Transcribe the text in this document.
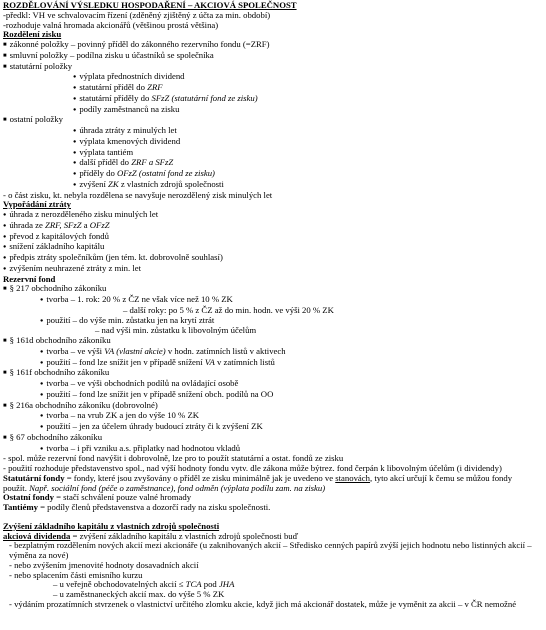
ROZDĚLOVÁNÍ VÝSLEDKU HOSPODAŘENÍ – AKCIOVÁ SPOLEČNOST
-předkl: VH ve schvalovacím řízení (zděněný zjištěný z účta za min. období)
-rozhoduje valná hromada akcionářů (většinou prostá většina)
Rozdělení zisku
■ zákonné položky – povinný příděl do zákonného rezervního fondu (=ZRF)
■ smluvní položky – podílna zisku u účastníků se společníka
■ statutární položky
● výplata přednostních dividend
● statutární příděl do ZRF
● statutární příděly do SFzZ (statutární fond ze zisku)
● podíly zaměstnanců na zisku
■ ostatní položky
● úhrada ztráty z minulých let
● výplata kmenových dividend
● výplata tantiém
● další příděl do ZRF a SFzZ
● příděly do OFzZ (ostatní fond ze zisku)
● zvýšení ZK z vlastních zdrojů společnosti
- o část zisku, kt. nebyla rozdělena se navyšuje nerozdělený zisk minulých let
Vypořádání ztráty
● úhrada z nerozděleného zisku minulých let
● úhrada ze ZRF, SFzZ a OFzZ
● převod z kapitálových fondů
● snížení základního kapitálu
● předpis ztráty společníkům (jen tém. kt. dobrovolně souhlasí)
● zvýšením neuhrazené ztráty z min. let
Rezervní fond
■ § 217 obchodního zákoníku
● tvorba – 1. rok: 20 % z ČZ ne však více než 10 % ZK
– další roky: po 5 % z ČZ až do min. hodn. ve výši 20 % ZK
● použití – do výše min. zůstatku jen na krytí ztrát
– nad výši min. zůstatku k libovolným účelům
■ § 161d obchodního zákoníku
● tvorba – ve výši VA (vlastní akcie) v hodn. zatímních listů v aktivech
● použití – fond lze snížit jen v případě snížení VA v zatímních listů
■ § 161f obchodního zákoníku
● tvorba – ve výši obchodních podílů na ovládající osobě
● použití – fond lze snížit jen v případě snížení obch. podílů na OO
■ § 216a obchodního zákoníku (dobrovolné)
● tvorba – na vrub ZK a jen do výše 10 % ZK
● použití – jen za účelem úhrady budoucí ztráty či k zvýšení ZK
■ § 67 obchodního zákoníku
● tvorba – i při vzniku a.s. připlatky nad hodnotou vkladů
- spol. může rezervní fond navýšit i dobrovolně, lze pro to použít statutární a ostat. fondů ze zisku
- použití rozhoduje představenstvo spol., nad výší hodnoty fondu vytv. dle zákona může býtrez. fond čerpán k libovolným účelům (i dividendy)
Statutární fondy = fondy, které jsou zvyšovány o příděl ze zisku minimálně jak je uvedeno ve stanovách, tyto akcí určují k čemu se můžou fondy
použít. Např. sociální fond (péče o zaměstnance), fond odměn (výplata podílu zam. na zisku)
Ostatní fondy = stačí schválení pouze valné hromady
Tantiémy = podíly členů představenstva a dozorčí rady na zisku společnosti.
Zvýšení základního kapitálu z vlastních zdrojů společnosti
akciová dividenda = zvýšení základního kapitálu z vlastních zdrojů společnosti buď
- bezplatným rozdělením nových akcií mezi akcionáře (u zaknihovaných akcií – Středisko cenných papírů zvýší jejich hodnotu nebo listinných akcií – výměna za nové)
- nebo zvýšením jmenovité hodnoty dosavadních akcií
- nebo splacením části emisního kurzu
– u veřejně obchodovatelných akcií ≤ TCA pod JHA
– u zaměstnaneckých akcií max. do výše 5 % ZK
- výdáním prozatímních stvrzenek o vlastnictví určitého zlomku akcie, když jich má akcionář dostatek, může je vyměnit za akcii – v ČR nemožné
